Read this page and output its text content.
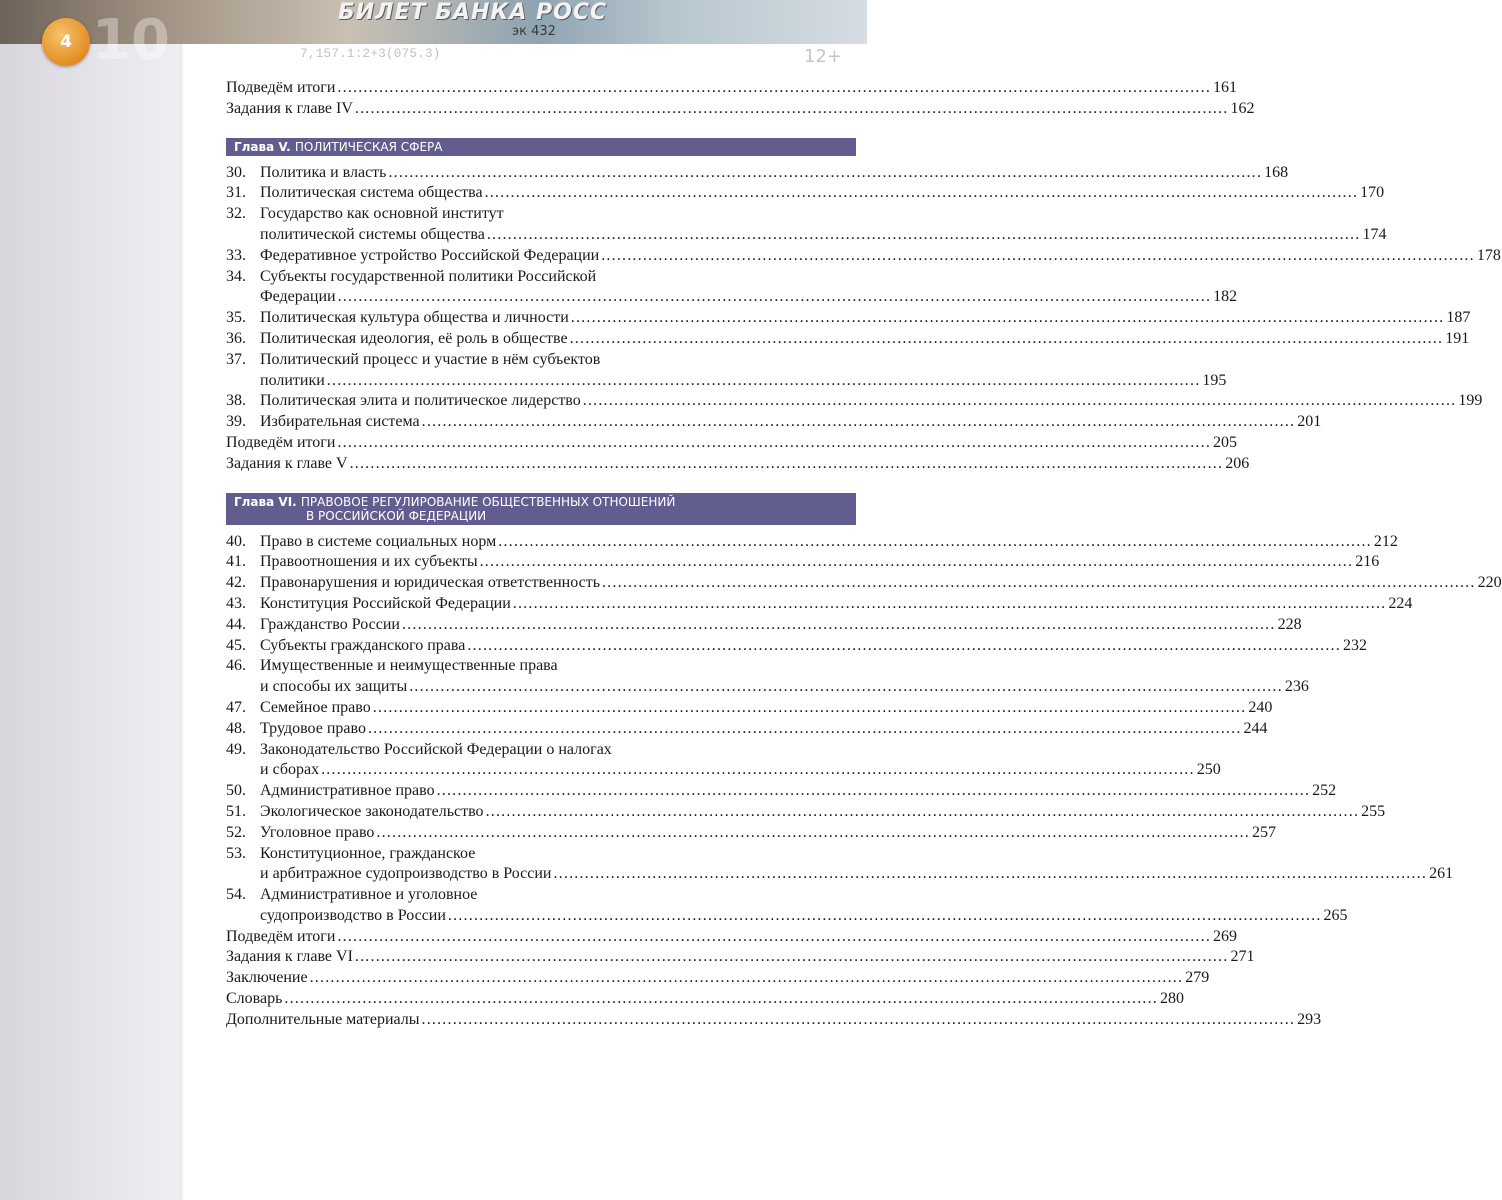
10	БИЛЕТ БАНКА РОСС
эк 432
4
7,157.1:2+3(075.3)	12+
Подведём итоги .....	161
Задания к главе IV .....	162
Глава V. ПОЛИТИЧЕСКАЯ СФЕРА
30. Политика и власть .....	168
31. Политическая система общества .....	170
32. Государство как основной институт
политической системы общества .....	174
33. Федеративное устройство Российской Федерации .....	178
34. Субъекты государственной политики Российской
Федерации .....	182
35. Политическая культура общества и личности .....	187
36. Политическая идеология, её роль в обществе .....	191
37. Политический процесс и участие в нём субъектов
политики .....	195
38. Политическая элита и политическое лидерство .....	199
39. Избирательная система .....	201
Подведём итоги .....	205
Задания к главе V .....	206
Глава VI. ПРАВОВОЕ РЕГУЛИРОВАНИЕ ОБЩЕСТВЕННЫХ ОТНОШЕНИЙ
В РОССИЙСКОЙ ФЕДЕРАЦИИ
40. Право в системе социальных норм .....	212
41. Правоотношения и их субъекты .....	216
42. Правонарушения и юридическая ответственность .....	220
43. Конституция Российской Федерации .....	224
44. Гражданство России .....	228
45. Субъекты гражданского права .....	232
46. Имущественные и неимущественные права
и способы их защиты .....	236
47. Семейное право .....	240
48. Трудовое право .....	244
49. Законодательство Российской Федерации о налогах
и сборах .....	250
50. Административное право .....	252
51. Экологическое законодательство .....	255
52. Уголовное право .....	257
53. Конституционное, гражданское
и арбитражное судопроизводство в России .....	261
54. Административное и уголовное
судопроизводство в России .....	265
Подведём итоги .....	269
Задания к главе VI .....	271
Заключение .....	279
Словарь .....	280
Дополнительные материалы .....	293
